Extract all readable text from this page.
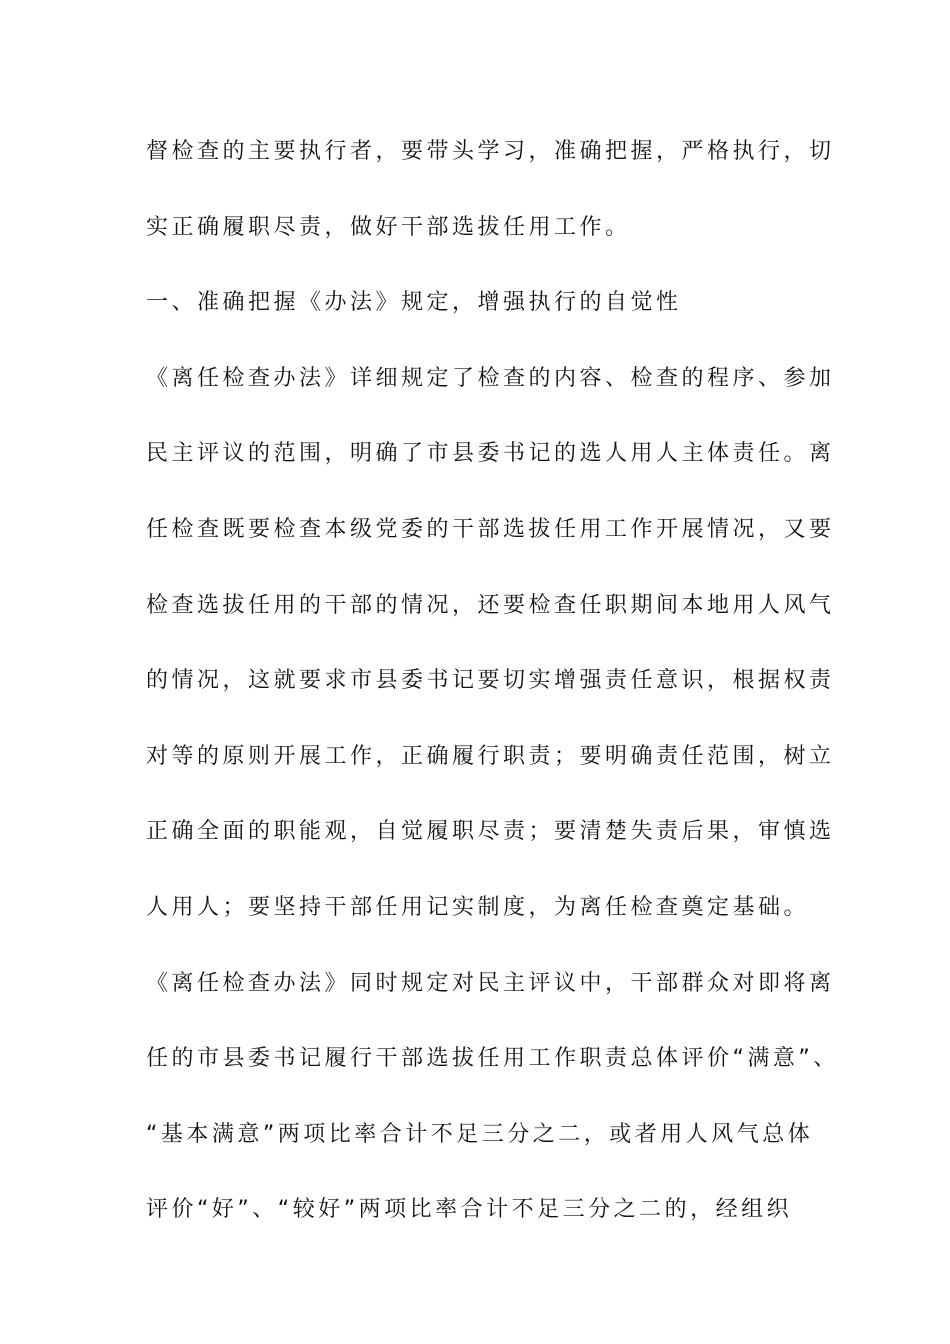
督检查的主要执行者，要带头学习，准确把握，严格执行，切
实正确履职尽责，做好干部选拔任用工作。
一、准确把握《办法》规定，增强执行的自觉性
《离任检查办法》详细规定了检查的内容、检查的程序、参加
民主评议的范围，明确了市县委书记的选人用人主体责任。离
任检查既要检查本级党委的干部选拔任用工作开展情况，又要
检查选拔任用的干部的情况，还要检查任职期间本地用人风气
的情况，这就要求市县委书记要切实增强责任意识，根据权责
对等的原则开展工作，正确履行职责；要明确责任范围，树立
正确全面的职能观，自觉履职尽责；要清楚失责后果，审慎选
人用人；要坚持干部任用记实制度，为离任检查奠定基础。
《离任检查办法》同时规定对民主评议中，干部群众对即将离
任的市县委书记履行干部选拔任用工作职责总体评价“满意”、
“基本满意”两项比率合计不足三分之二，或者用人风气总体
评价“好”、“较好”两项比率合计不足三分之二的，经组织
